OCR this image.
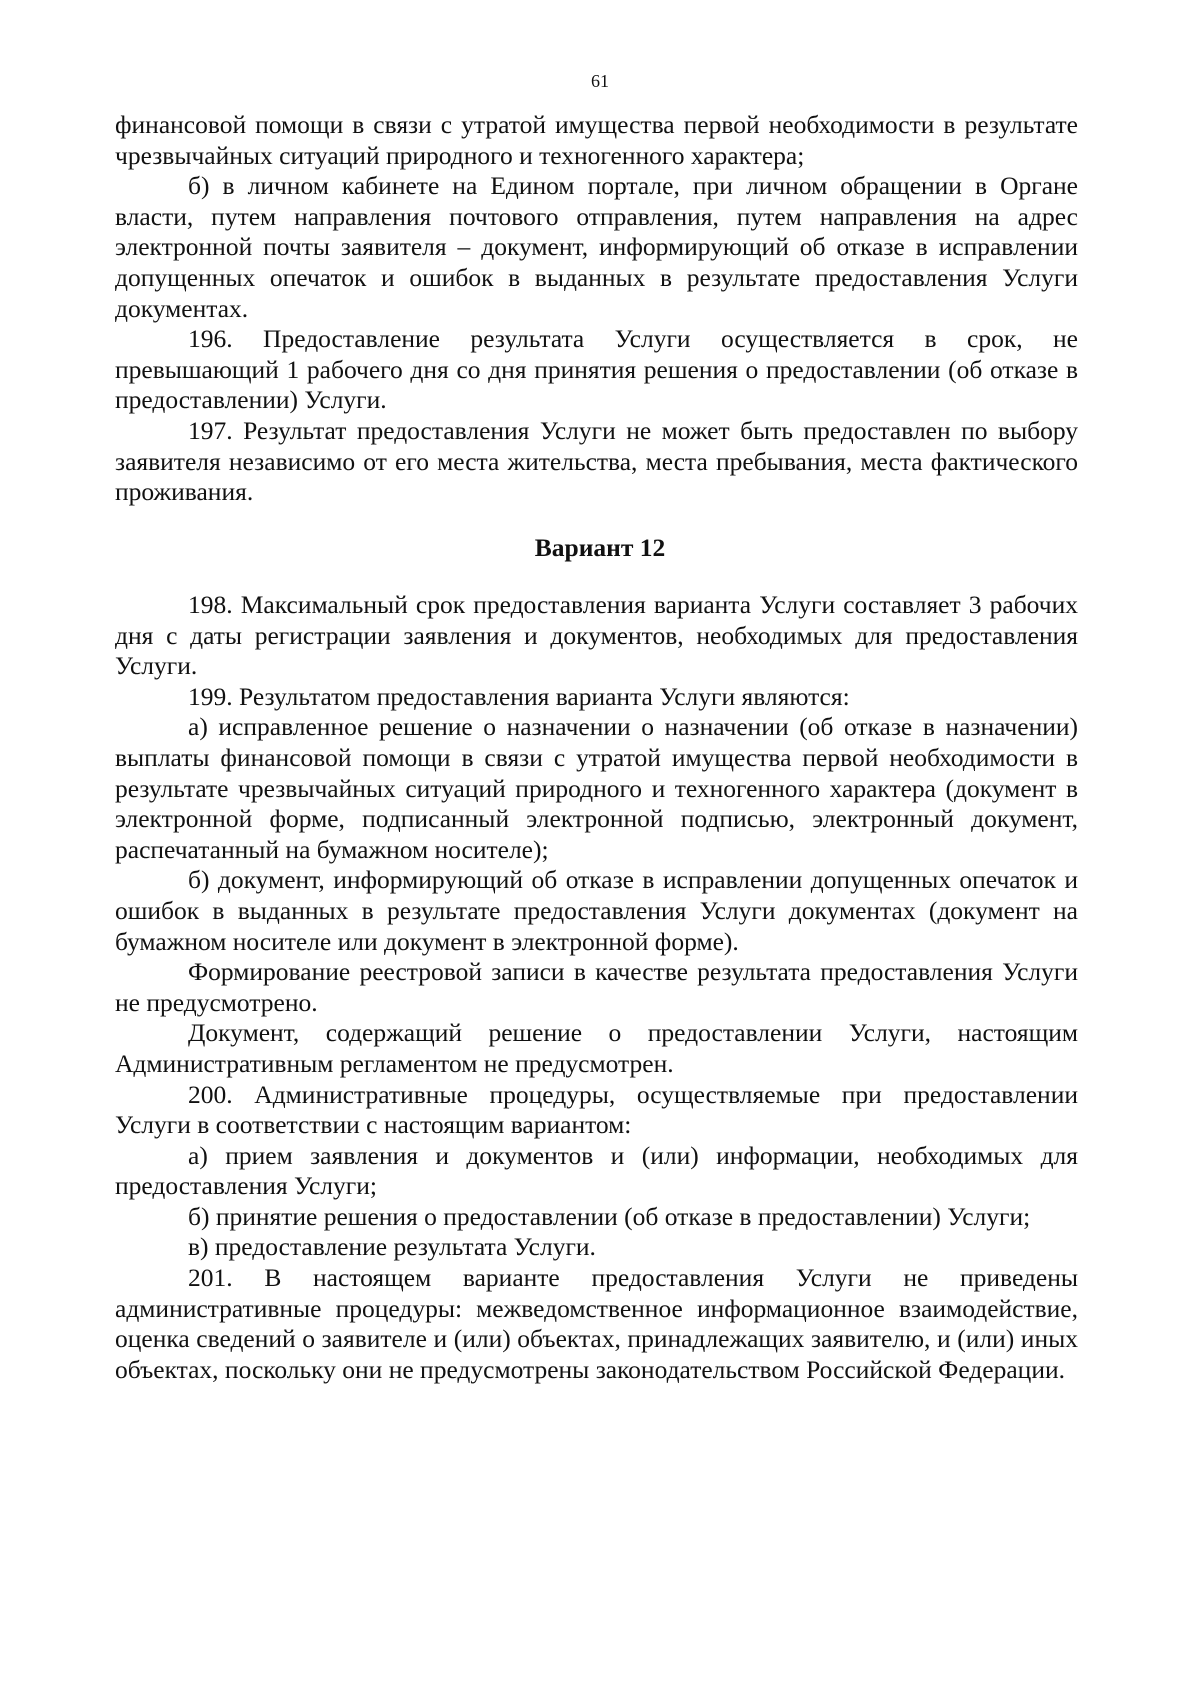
61

финансовой помощи в связи с утратой имущества первой необходимости в результате чрезвычайных ситуаций природного и техногенного характера;

б) в личном кабинете на Едином портале, при личном обращении в Органе власти, путем направления почтового отправления, путем направления на адрес электронной почты заявителя – документ, информирующий об отказе в исправлении допущенных опечаток и ошибок в выданных в результате предоставления Услуги документах.

196. Предоставление результата Услуги осуществляется в срок, не превышающий 1 рабочего дня со дня принятия решения о предоставлении (об отказе в предоставлении) Услуги.

197. Результат предоставления Услуги не может быть предоставлен по выбору заявителя независимо от его места жительства, места пребывания, места фактического проживания.

Вариант 12

198. Максимальный срок предоставления варианта Услуги составляет 3 рабочих дня с даты регистрации заявления и документов, необходимых для предоставления Услуги.

199. Результатом предоставления варианта Услуги являются:

а) исправленное решение о назначении о назначении (об отказе в назначении) выплаты финансовой помощи в связи с утратой имущества первой необходимости в результате чрезвычайных ситуаций природного и техногенного характера (документ в электронной форме, подписанный электронной подписью, электронный документ, распечатанный на бумажном носителе);

б) документ, информирующий об отказе в исправлении допущенных опечаток и ошибок в выданных в результате предоставления Услуги документах (документ на бумажном носителе или документ в электронной форме).

Формирование реестровой записи в качестве результата предоставления Услуги не предусмотрено.

Документ, содержащий решение о предоставлении Услуги, настоящим Административным регламентом не предусмотрен.

200. Административные процедуры, осуществляемые при предоставлении Услуги в соответствии с настоящим вариантом:

а) прием заявления и документов и (или) информации, необходимых для предоставления Услуги;

б) принятие решения о предоставлении (об отказе в предоставлении) Услуги;

в) предоставление результата Услуги.

201. В настоящем варианте предоставления Услуги не приведены административные процедуры: межведомственное информационное взаимодействие, оценка сведений о заявителе и (или) объектах, принадлежащих заявителю, и (или) иных объектах, поскольку они не предусмотрены законодательством Российской Федерации.
